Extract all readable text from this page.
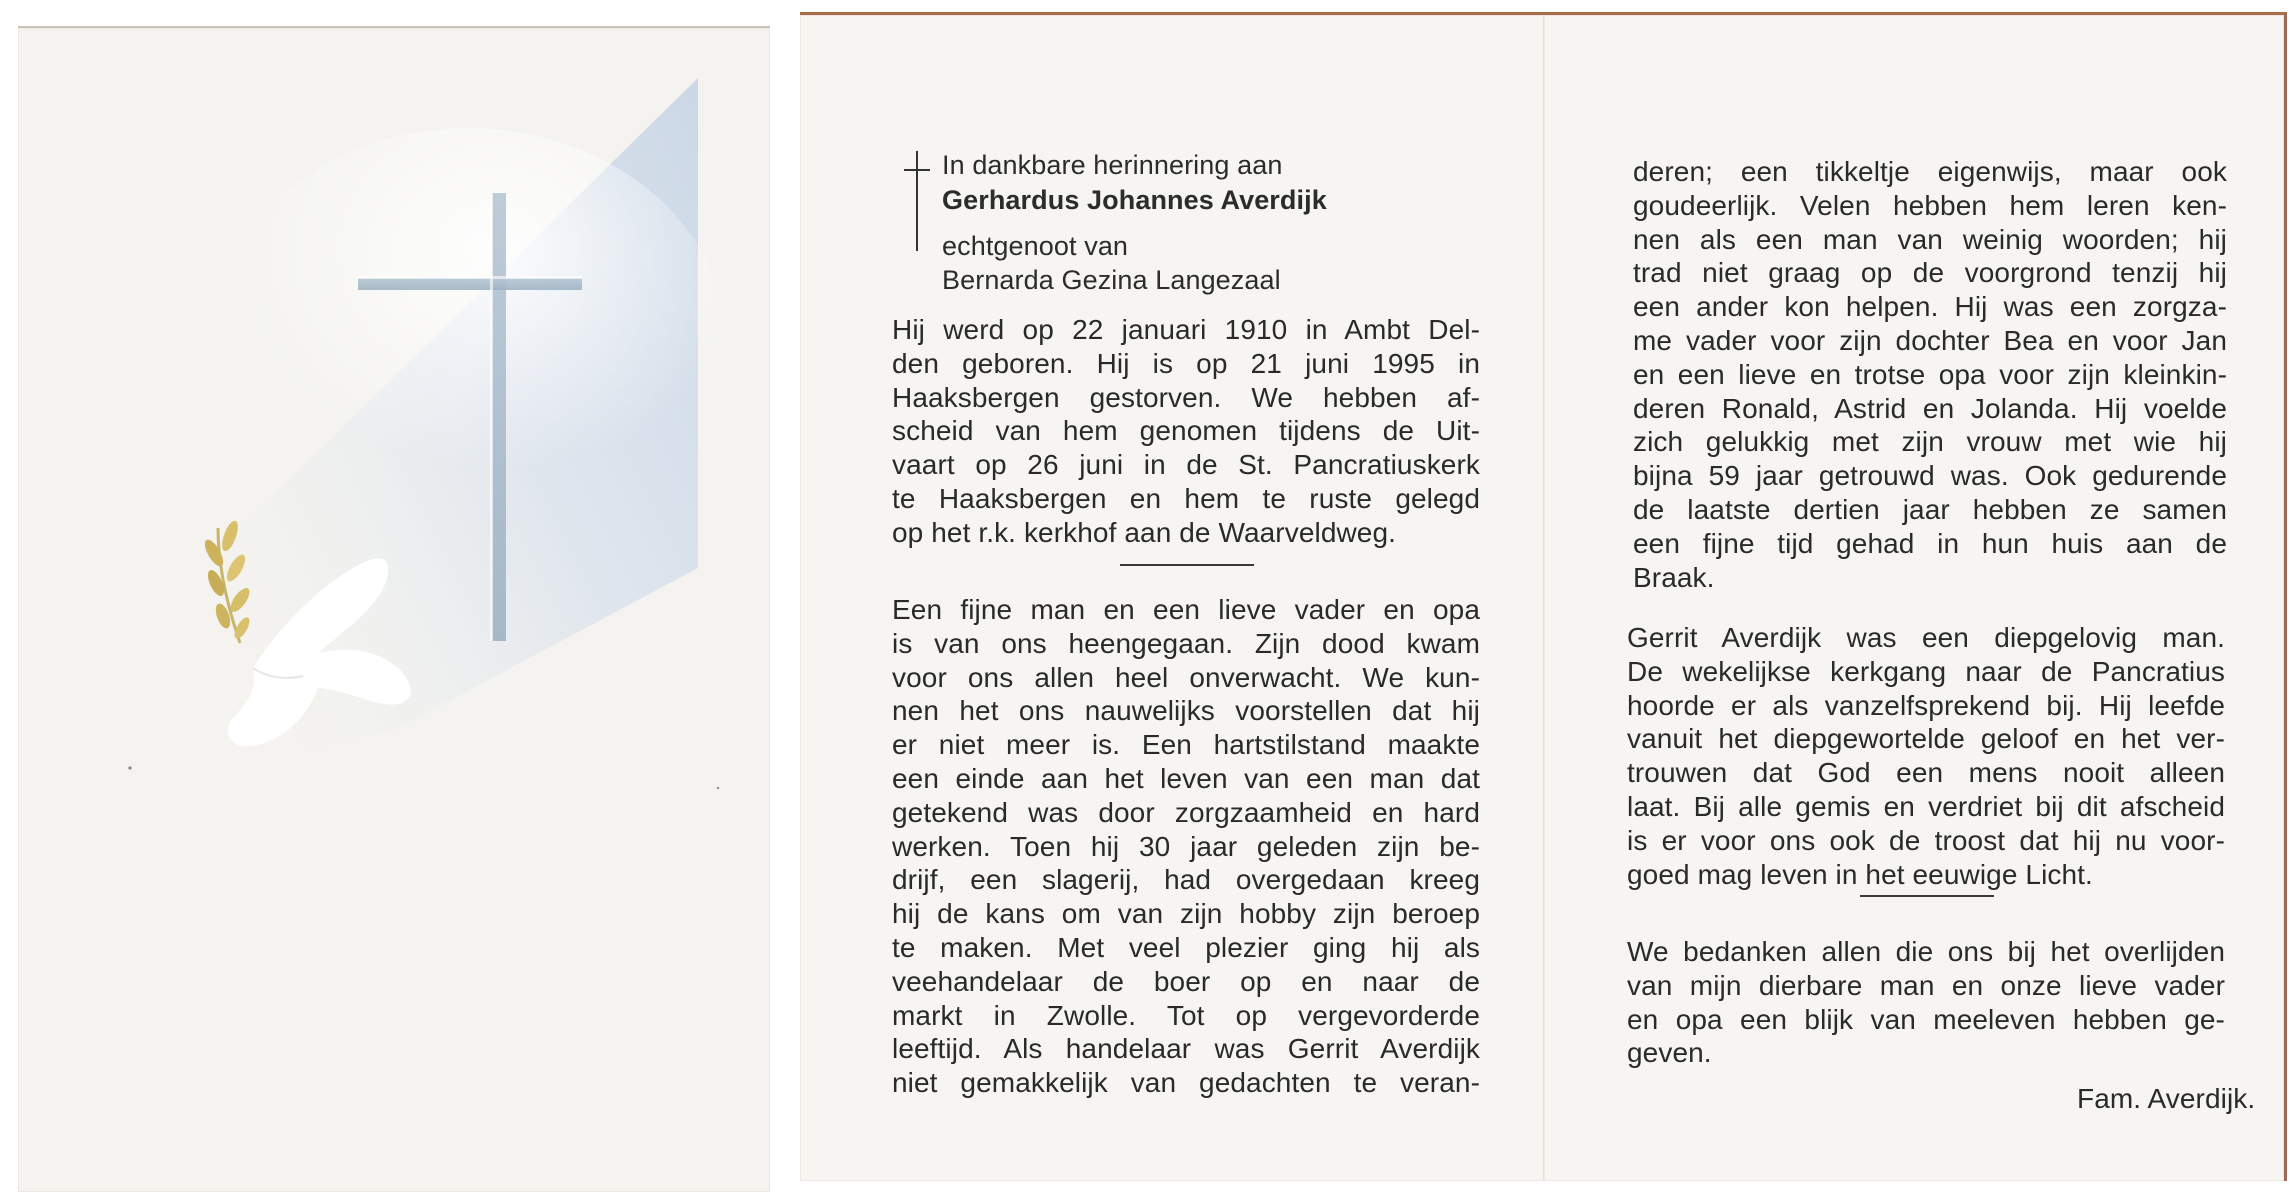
In dankbare herinnering aan
Gerhardus Johannes Averdijk
echtgenoot van
Bernarda Gezina Langezaal
Hij werd op 22 januari 1910 in Ambt Del-
den geboren. Hij is op 21 juni 1995 in
Haaksbergen gestorven. We hebben af-
scheid van hem genomen tijdens de Uit-
vaart op 26 juni in de St. Pancratiuskerk
te Haaksbergen en hem te ruste gelegd
op het r.k. kerkhof aan de Waarveldweg.
Een fijne man en een lieve vader en opa
is van ons heengegaan. Zijn dood kwam
voor ons allen heel onverwacht. We kun-
nen het ons nauwelijks voorstellen dat hij
er niet meer is. Een hartstilstand maakte
een einde aan het leven van een man dat
getekend was door zorgzaamheid en hard
werken. Toen hij 30 jaar geleden zijn be-
drijf, een slagerij, had overgedaan kreeg
hij de kans om van zijn hobby zijn beroep
te maken. Met veel plezier ging hij als
veehandelaar de boer op en naar de
markt in Zwolle. Tot op vergevorderde
leeftijd. Als handelaar was Gerrit Averdijk
niet gemakkelijk van gedachten te veran-
deren; een tikkeltje eigenwijs, maar ook
goudeerlijk. Velen hebben hem leren ken-
nen als een man van weinig woorden; hij
trad niet graag op de voorgrond tenzij hij
een ander kon helpen. Hij was een zorgza-
me vader voor zijn dochter Bea en voor Jan
en een lieve en trotse opa voor zijn kleinkin-
deren Ronald, Astrid en Jolanda. Hij voelde
zich gelukkig met zijn vrouw met wie hij
bijna 59 jaar getrouwd was. Ook gedurende
de laatste dertien jaar hebben ze samen
een fijne tijd gehad in hun huis aan de
Braak.
Gerrit Averdijk was een diepgelovig man.
De wekelijkse kerkgang naar de Pancratius
hoorde er als vanzelfsprekend bij. Hij leefde
vanuit het diepgewortelde geloof en het ver-
trouwen dat God een mens nooit alleen
laat. Bij alle gemis en verdriet bij dit afscheid
is er voor ons ook de troost dat hij nu voor-
goed mag leven in het eeuwige Licht.
We bedanken allen die ons bij het overlijden
van mijn dierbare man en onze lieve vader
en opa een blijk van meeleven hebben ge-
geven.
Fam. Averdijk.
